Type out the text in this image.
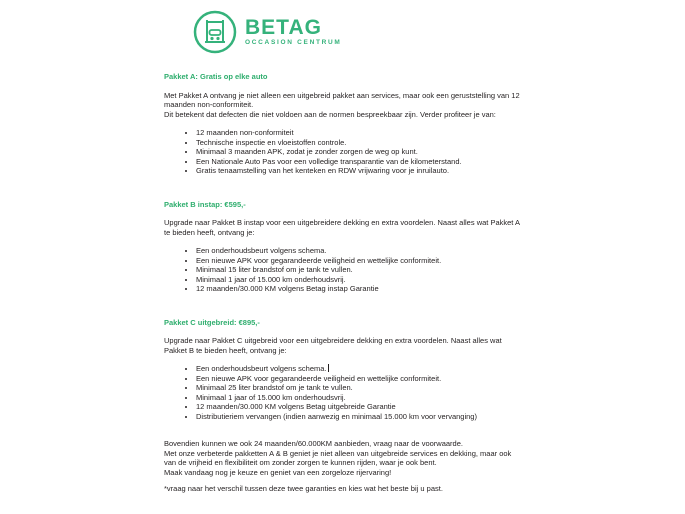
BETAG
OCCASION CENTRUM
Pakket A: Gratis op elke auto

Met Pakket A ontvang je niet alleen een uitgebreid pakket aan services, maar ook een geruststelling van 12 maanden non-conformiteit.

Dit betekent dat defecten die niet voldoen aan de normen bespreekbaar zijn. Verder profiteer je van:

• 12 maanden non-conformiteit
• Technische inspectie en vloeistoffen controle.
• Minimaal 3 maanden APK, zodat je zonder zorgen de weg op kunt.
• Een Nationale Auto Pas voor een volledige transparantie van de kilometerstand.
• Gratis tenaamstelling van het kenteken en RDW vrijwaring voor je inruilauto.
Pakket B instap: €595,-

Upgrade naar Pakket B instap voor een uitgebreidere dekking en extra voordelen. Naast alles wat Pakket A te bieden heeft, ontvang je:

• Een onderhoudsbeurt volgens schema.
• Een nieuwe APK voor gegarandeerde veiligheid en wettelijke conformiteit.
• Minimaal 15 liter brandstof om je tank te vullen.
• Minimaal 1 jaar of 15.000 km onderhoudsvrij.
• 12 maanden/30.000 KM volgens Betag instap Garantie
Pakket C uitgebreid: €895,-

Upgrade naar Pakket C uitgebreid voor een uitgebreidere dekking en extra voordelen. Naast alles wat Pakket B te bieden heeft, ontvang je:

• Een onderhoudsbeurt volgens schema.
• Een nieuwe APK voor gegarandeerde veiligheid en wettelijke conformiteit.
• Minimaal 25 liter brandstof om je tank te vullen.
• Minimaal 1 jaar of 15.000 km onderhoudsvrij.
• 12 maanden/30.000 KM volgens Betag uitgebreide Garantie
• Distributieriem vervangen (indien aanwezig en minimaal 15.000 km voor vervanging)

Bovendien kunnen we ook 24 maanden/60.000KM aanbieden, vraag naar de voorwaarde.

Met onze verbeterde pakketten A & B geniet je niet alleen van uitgebreide services en dekking, maar ook van de vrijheid en flexibiliteit om zonder zorgen te kunnen rijden, waar je ook bent.

Maak vandaag nog je keuze en geniet van een zorgeloze rijervaring!

*vraag naar het verschil tussen deze twee garanties en kies wat het beste bij u past.
